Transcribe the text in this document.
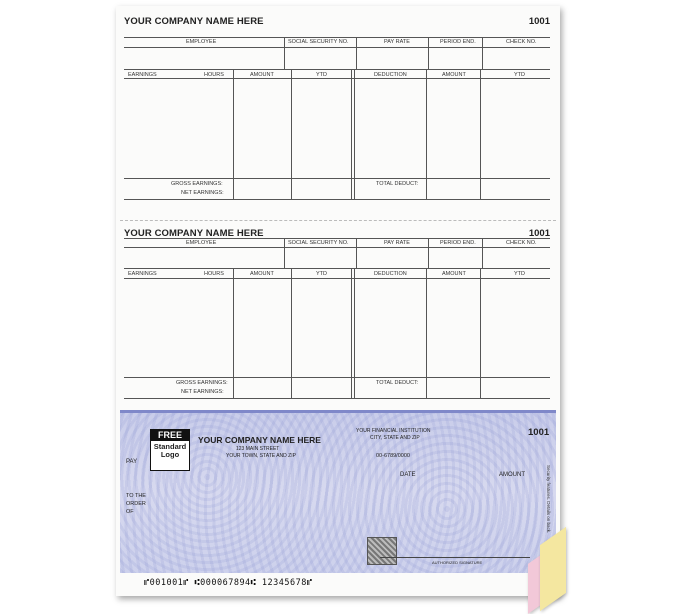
YOUR COMPANY NAME HERE	1001
EMPLOYEE	SOCIAL SECURITY NO.	PAY RATE	PERIOD END.	CHECK NO.
EARNINGS	HOURS	AMOUNT	YTD	DEDUCTION	AMOUNT	YTD
GROSS EARNINGS:
NET EARNINGS:
TOTAL DEDUCT:
YOUR COMPANY NAME HERE	1001
EMPLOYEE	SOCIAL SECURITY NO.	PAY RATE	PERIOD END.	CHECK NO.
EARNINGS	HOURS	AMOUNT	YTD	DEDUCTION	AMOUNT	YTD
GROSS EARNINGS:
NET EARNINGS:
TOTAL DEDUCT:
FREE
Standard Logo
YOUR COMPANY NAME HERE
123 MAIN STREET
YOUR TOWN, STATE AND ZIP
YOUR FINANCIAL INSTITUTION
CITY, STATE AND ZIP
00-6789/0000
1001
PAY
DATE	AMOUNT
TO THE
ORDER
OF
AUTHORIZED SIGNATURE
Security features. Details on back.
⑈001001⑈ ⑆000067894⑆ 12345678⑈
